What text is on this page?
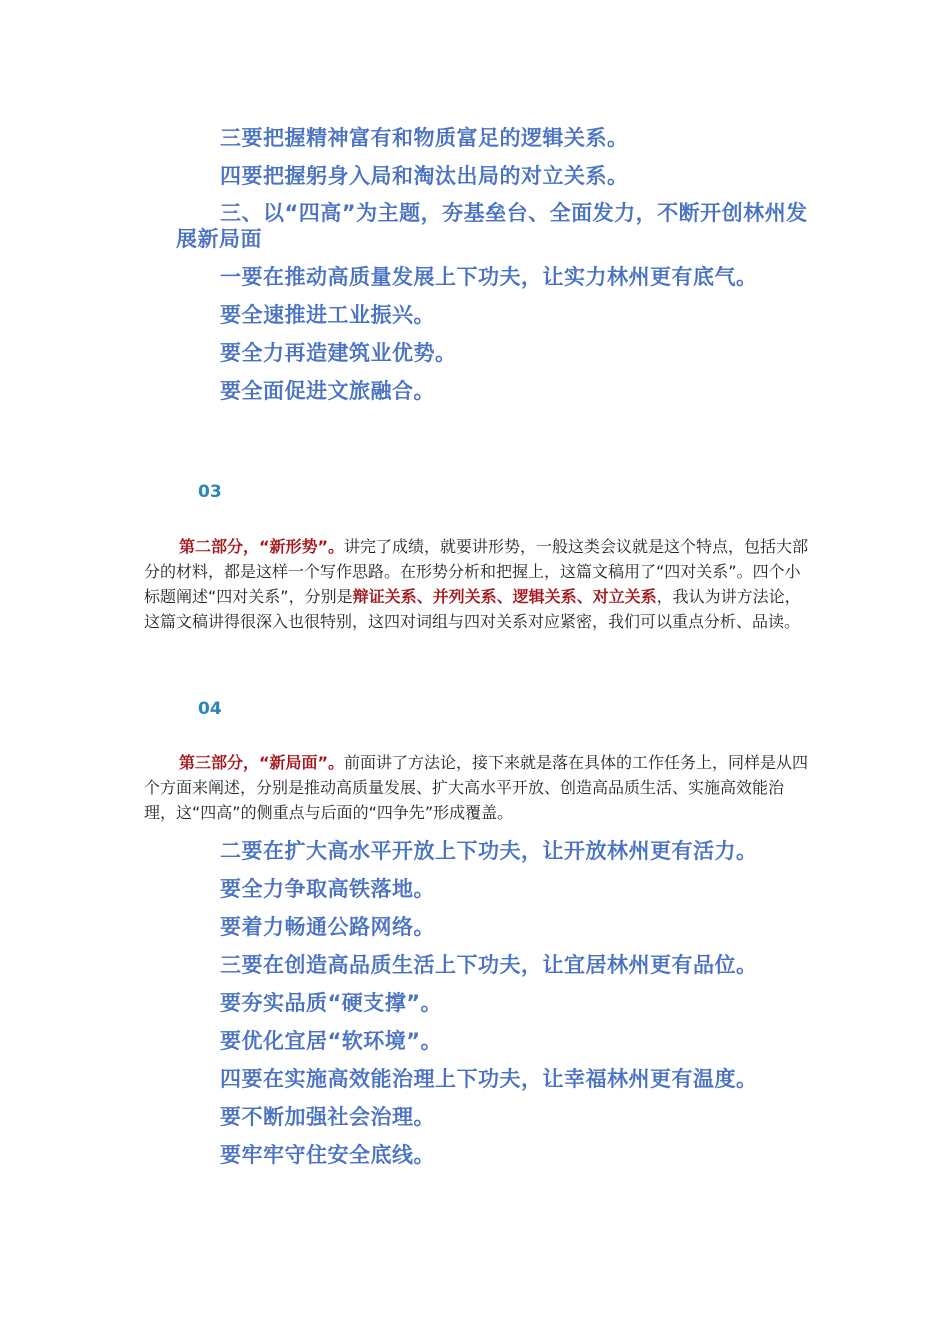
三要把握精神富有和物质富足的逻辑关系。
四要把握躬身入局和淘汰出局的对立关系。
三、以“四高”为主题，夯基垒台、全面发力，不断开创林州发展新局面
一要在推动高质量发展上下功夫，让实力林州更有底气。
要全速推进工业振兴。
要全力再造建筑业优势。
要全面促进文旅融合。
03
第二部分，“新形势”。讲完了成绩，就要讲形势，一般这类会议就是这个特点，包括大部分的材料，都是这样一个写作思路。在形势分析和把握上，这篇文稿用了“四对关系”。四个小标题阐述“四对关系”，分别是辩证关系、并列关系、逻辑关系、对立关系，我认为讲方法论，这篇文稿讲得很深入也很特别，这四对词组与四对关系对应紧密，我们可以重点分析、品读。
04
第三部分，“新局面”。前面讲了方法论，接下来就是落在具体的工作任务上，同样是从四个方面来阐述，分别是推动高质量发展、扩大高水平开放、创造高品质生活、实施高效能治理，这“四高”的侧重点与后面的“四争先”形成覆盖。
二要在扩大高水平开放上下功夫，让开放林州更有活力。
要全力争取高铁落地。
要着力畅通公路网络。
三要在创造高品质生活上下功夫，让宜居林州更有品位。
要夯实品质“硬支撑”。
要优化宜居“软环境”。
四要在实施高效能治理上下功夫，让幸福林州更有温度。
要不断加强社会治理。
要牢牢守住安全底线。
